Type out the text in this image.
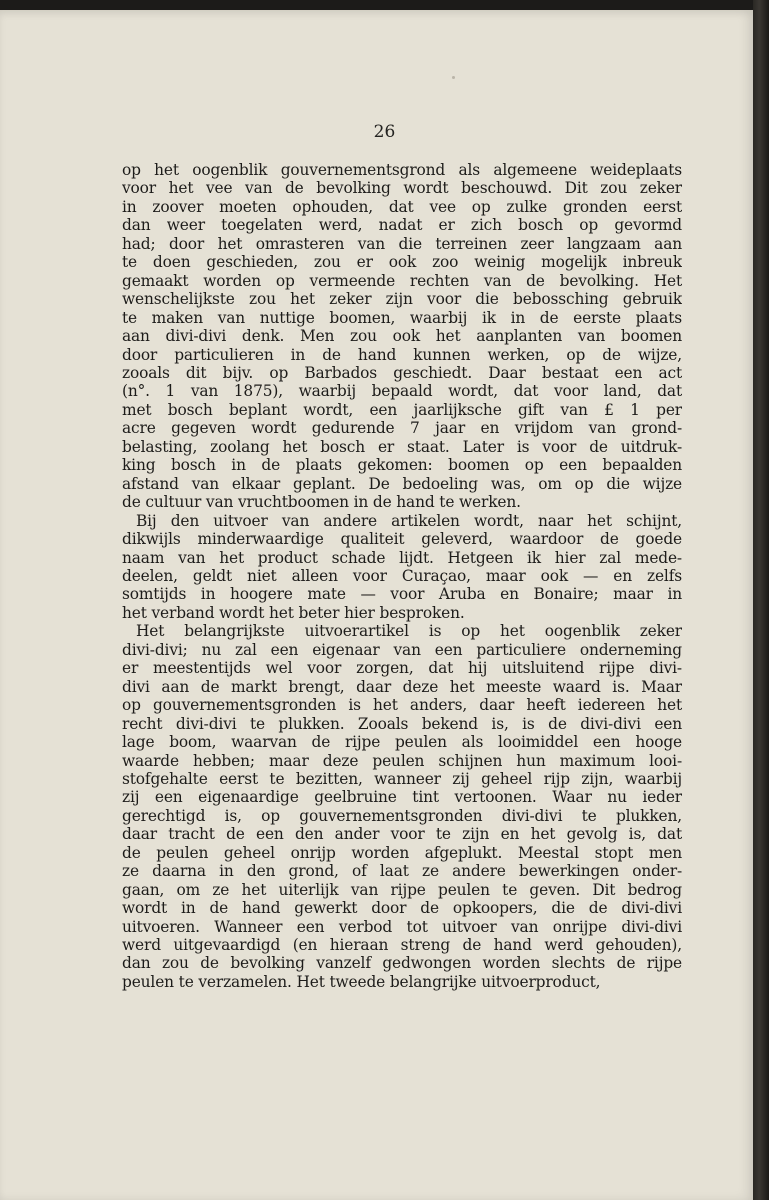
26
op het oogenblik gouvernementsgrond als algemeene weideplaats
voor het vee van de bevolking wordt beschouwd. Dit zou zeker
in zoover moeten ophouden, dat vee op zulke gronden eerst
dan weer toegelaten werd, nadat er zich bosch op gevormd
had; door het omrasteren van die terreinen zeer langzaam aan
te doen geschieden, zou er ook zoo weinig mogelijk inbreuk
gemaakt worden op vermeende rechten van de bevolking. Het
wenschelijkste zou het zeker zijn voor die bebossching gebruik
te maken van nuttige boomen, waarbij ik in de eerste plaats
aan divi-divi denk. Men zou ook het aanplanten van boomen
door particulieren in de hand kunnen werken, op de wijze,
zooals dit bijv. op Barbados geschiedt. Daar bestaat een act
(n°. 1 van 1875), waarbij bepaald wordt, dat voor land, dat
met bosch beplant wordt, een jaarlijksche gift van £ 1 per
acre gegeven wordt gedurende 7 jaar en vrijdom van grond-
belasting, zoolang het bosch er staat. Later is voor de uitdruk-
king bosch in de plaats gekomen: boomen op een bepaalden
afstand van elkaar geplant. De bedoeling was, om op die wijze
de cultuur van vruchtboomen in de hand te werken.
Bij den uitvoer van andere artikelen wordt, naar het schijnt,
dikwijls minderwaardige qualiteit geleverd, waardoor de goede
naam van het product schade lijdt. Hetgeen ik hier zal mede-
deelen, geldt niet alleen voor Curaçao, maar ook — en zelfs
somtijds in hoogere mate — voor Aruba en Bonaire; maar in
het verband wordt het beter hier besproken.
Het belangrijkste uitvoerartikel is op het oogenblik zeker
divi-divi; nu zal een eigenaar van een particuliere onderneming
er meestentijds wel voor zorgen, dat hij uitsluitend rijpe divi-
divi aan de markt brengt, daar deze het meeste waard is. Maar
op gouvernementsgronden is het anders, daar heeft iedereen het
recht divi-divi te plukken. Zooals bekend is, is de divi-divi een
lage boom, waarvan de rijpe peulen als looimiddel een hooge
waarde hebben; maar deze peulen schijnen hun maximum looi-
stofgehalte eerst te bezitten, wanneer zij geheel rijp zijn, waarbij
zij een eigenaardige geelbruine tint vertoonen. Waar nu ieder
gerechtigd is, op gouvernementsgronden divi-divi te plukken,
daar tracht de een den ander voor te zijn en het gevolg is, dat
de peulen geheel onrijp worden afgeplukt. Meestal stopt men
ze daarna in den grond, of laat ze andere bewerkingen onder-
gaan, om ze het uiterlijk van rijpe peulen te geven. Dit bedrog
wordt in de hand gewerkt door de opkoopers, die de divi-divi
uitvoeren. Wanneer een verbod tot uitvoer van onrijpe divi-divi
werd uitgevaardigd (en hieraan streng de hand werd gehouden),
dan zou de bevolking vanzelf gedwongen worden slechts de rijpe
peulen te verzamelen. Het tweede belangrijke uitvoerproduct,
